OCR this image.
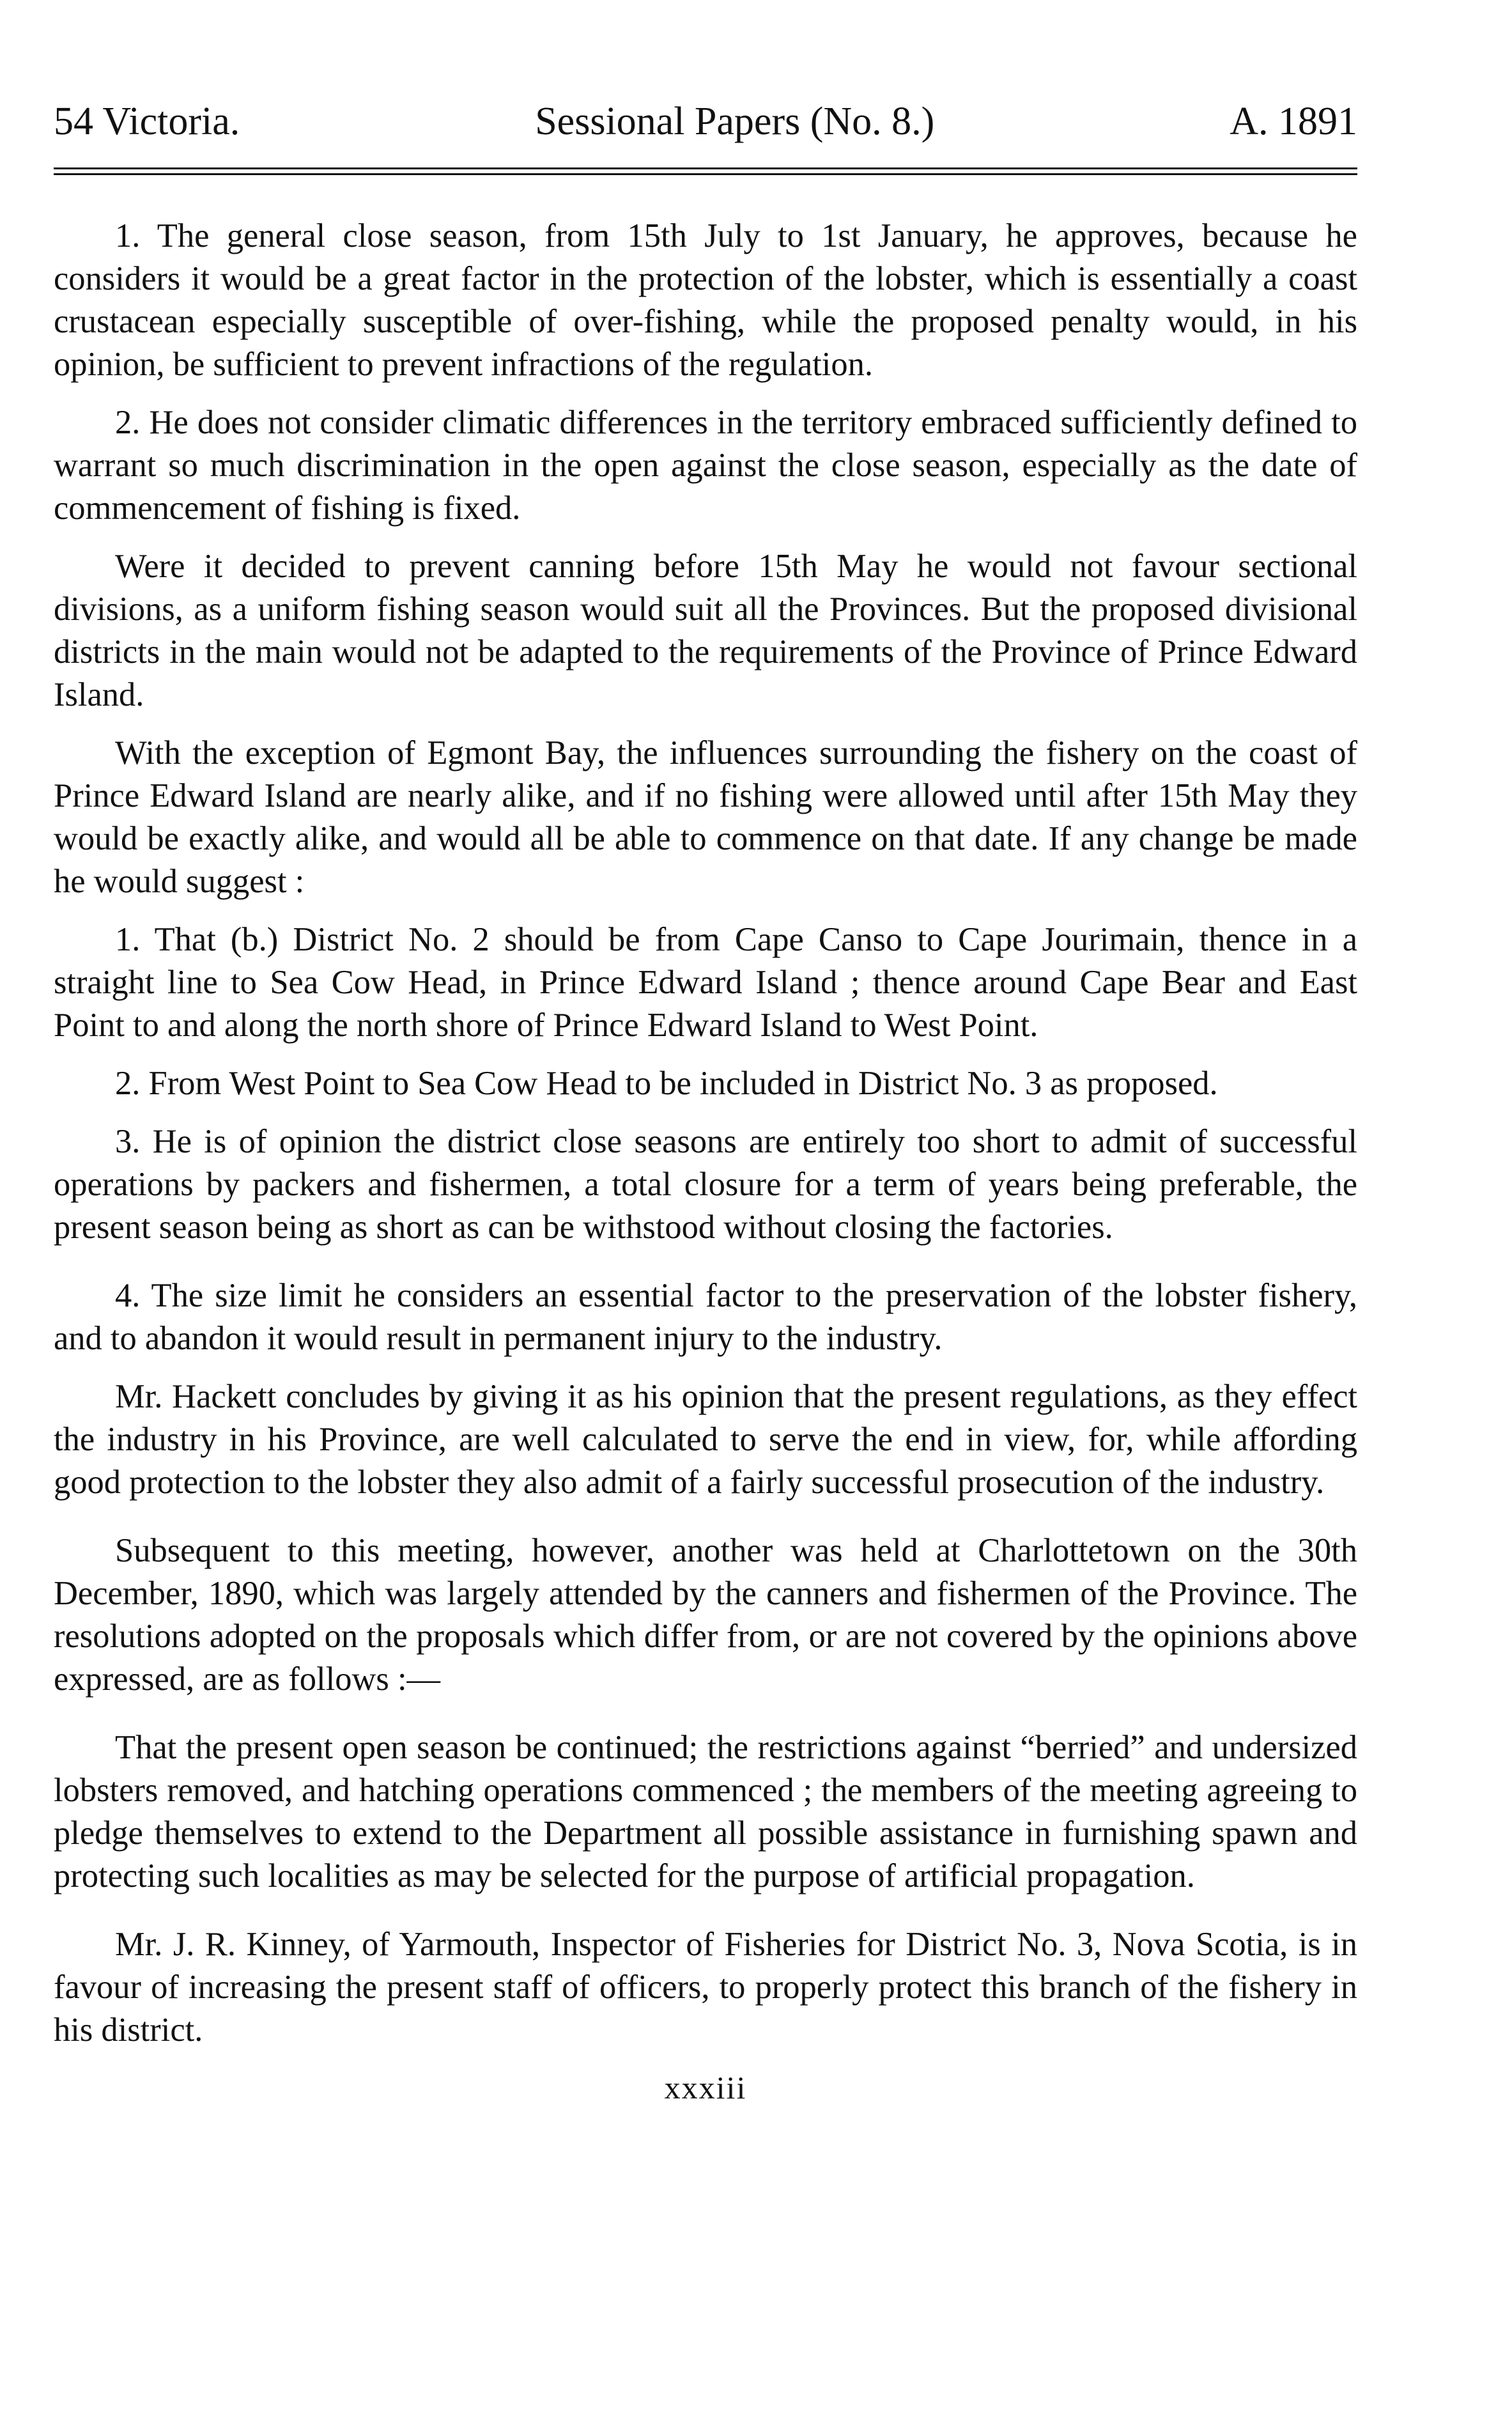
54 Victoria.	Sessional Papers (No. 8.)	A. 1891

1. The general close season, from 15th July to 1st January, he approves, because he considers it would be a great factor in the protection of the lobster, which is essentially a coast crustacean especially susceptible of over-fishing, while the proposed penalty would, in his opinion, be sufficient to prevent infractions of the regulation.

2. He does not consider climatic differences in the territory embraced sufficiently defined to warrant so much discrimination in the open against the close season, especially as the date of commencement of fishing is fixed.

Were it decided to prevent canning before 15th May he would not favour sectional divisions, as a uniform fishing season would suit all the Provinces. But the proposed divisional districts in the main would not be adapted to the requirements of the Province of Prince Edward Island.

With the exception of Egmont Bay, the influences surrounding the fishery on the coast of Prince Edward Island are nearly alike, and if no fishing were allowed until after 15th May they would be exactly alike, and would all be able to commence on that date. If any change be made he would suggest :

1. That (b.) District No. 2 should be from Cape Canso to Cape Jourimain, thence in a straight line to Sea Cow Head, in Prince Edward Island ; thence around Cape Bear and East Point to and along the north shore of Prince Edward Island to West Point.

2. From West Point to Sea Cow Head to be included in District No. 3 as proposed.

3. He is of opinion the district close seasons are entirely too short to admit of successful operations by packers and fishermen, a total closure for a term of years being preferable, the present season being as short as can be withstood without closing the factories.

4. The size limit he considers an essential factor to the preservation of the lobster fishery, and to abandon it would result in permanent injury to the industry.

Mr. Hackett concludes by giving it as his opinion that the present regulations, as they effect the industry in his Province, are well calculated to serve the end in view, for, while affording good protection to the lobster they also admit of a fairly successful prosecution of the industry.

Subsequent to this meeting, however, another was held at Charlottetown on the 30th December, 1890, which was largely attended by the canners and fishermen of the Province. The resolutions adopted on the proposals which differ from, or are not covered by the opinions above expressed, are as follows :—

That the present open season be continued; the restrictions against “berried” and undersized lobsters removed, and hatching operations commenced ; the members of the meeting agreeing to pledge themselves to extend to the Department all possible assistance in furnishing spawn and protecting such localities as may be selected for the purpose of artificial propagation.

Mr. J. R. Kinney, of Yarmouth, Inspector of Fisheries for District No. 3, Nova Scotia, is in favour of increasing the present staff of officers, to properly protect this branch of the fishery in his district.

xxxiii
